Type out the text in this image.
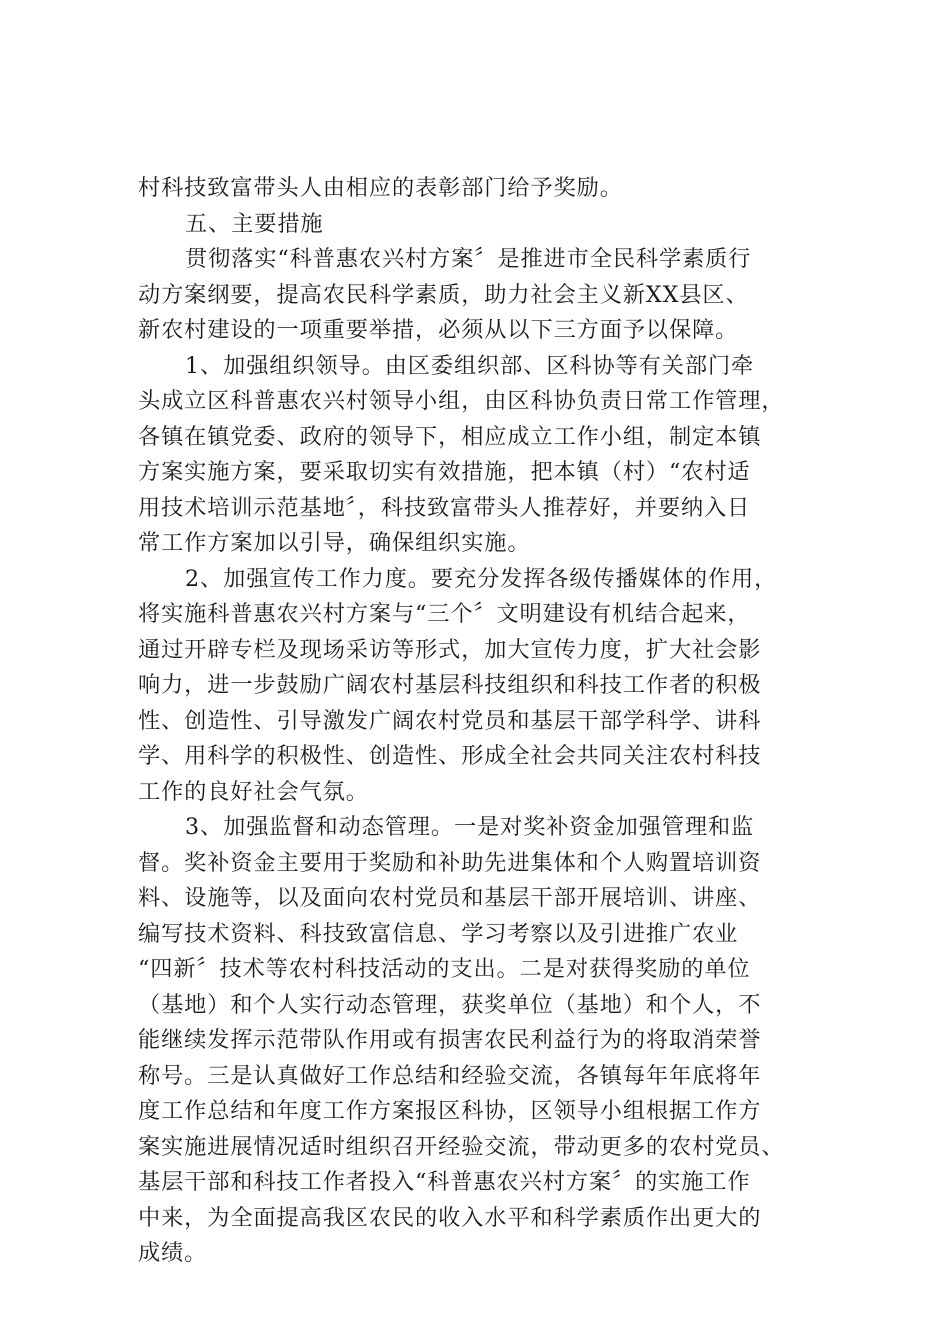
村科技致富带头人由相应的表彰部门给予奖励。
五、主要措施
贯彻落实“科普惠农兴村方案〞是推进市全民科学素质行
动方案纲要，提高农民科学素质，助力社会主义新XX县区、
新农村建设的一项重要举措，必须从以下三方面予以保障。
1、加强组织领导。由区委组织部、区科协等有关部门牵
头成立区科普惠农兴村领导小组，由区科协负责日常工作管理，
各镇在镇党委、政府的领导下，相应成立工作小组，制定本镇
方案实施方案，要采取切实有效措施，把本镇（村）“农村适
用技术培训示范基地〞，科技致富带头人推荐好，并要纳入日
常工作方案加以引导，确保组织实施。
2、加强宣传工作力度。要充分发挥各级传播媒体的作用，
将实施科普惠农兴村方案与“三个〞文明建设有机结合起来，
通过开辟专栏及现场采访等形式，加大宣传力度，扩大社会影
响力，进一步鼓励广阔农村基层科技组织和科技工作者的积极
性、创造性、引导激发广阔农村党员和基层干部学科学、讲科
学、用科学的积极性、创造性、形成全社会共同关注农村科技
工作的良好社会气氛。
3、加强监督和动态管理。一是对奖补资金加强管理和监
督。奖补资金主要用于奖励和补助先进集体和个人购置培训资
料、设施等，以及面向农村党员和基层干部开展培训、讲座、
编写技术资料、科技致富信息、学习考察以及引进推广农业
“四新〞技术等农村科技活动的支出。二是对获得奖励的单位
（基地）和个人实行动态管理，获奖单位（基地）和个人，不
能继续发挥示范带队作用或有损害农民利益行为的将取消荣誉
称号。三是认真做好工作总结和经验交流，各镇每年年底将年
度工作总结和年度工作方案报区科协，区领导小组根据工作方
案实施进展情况适时组织召开经验交流，带动更多的农村党员、
基层干部和科技工作者投入“科普惠农兴村方案〞的实施工作
中来，为全面提高我区农民的收入水平和科学素质作出更大的
成绩。
